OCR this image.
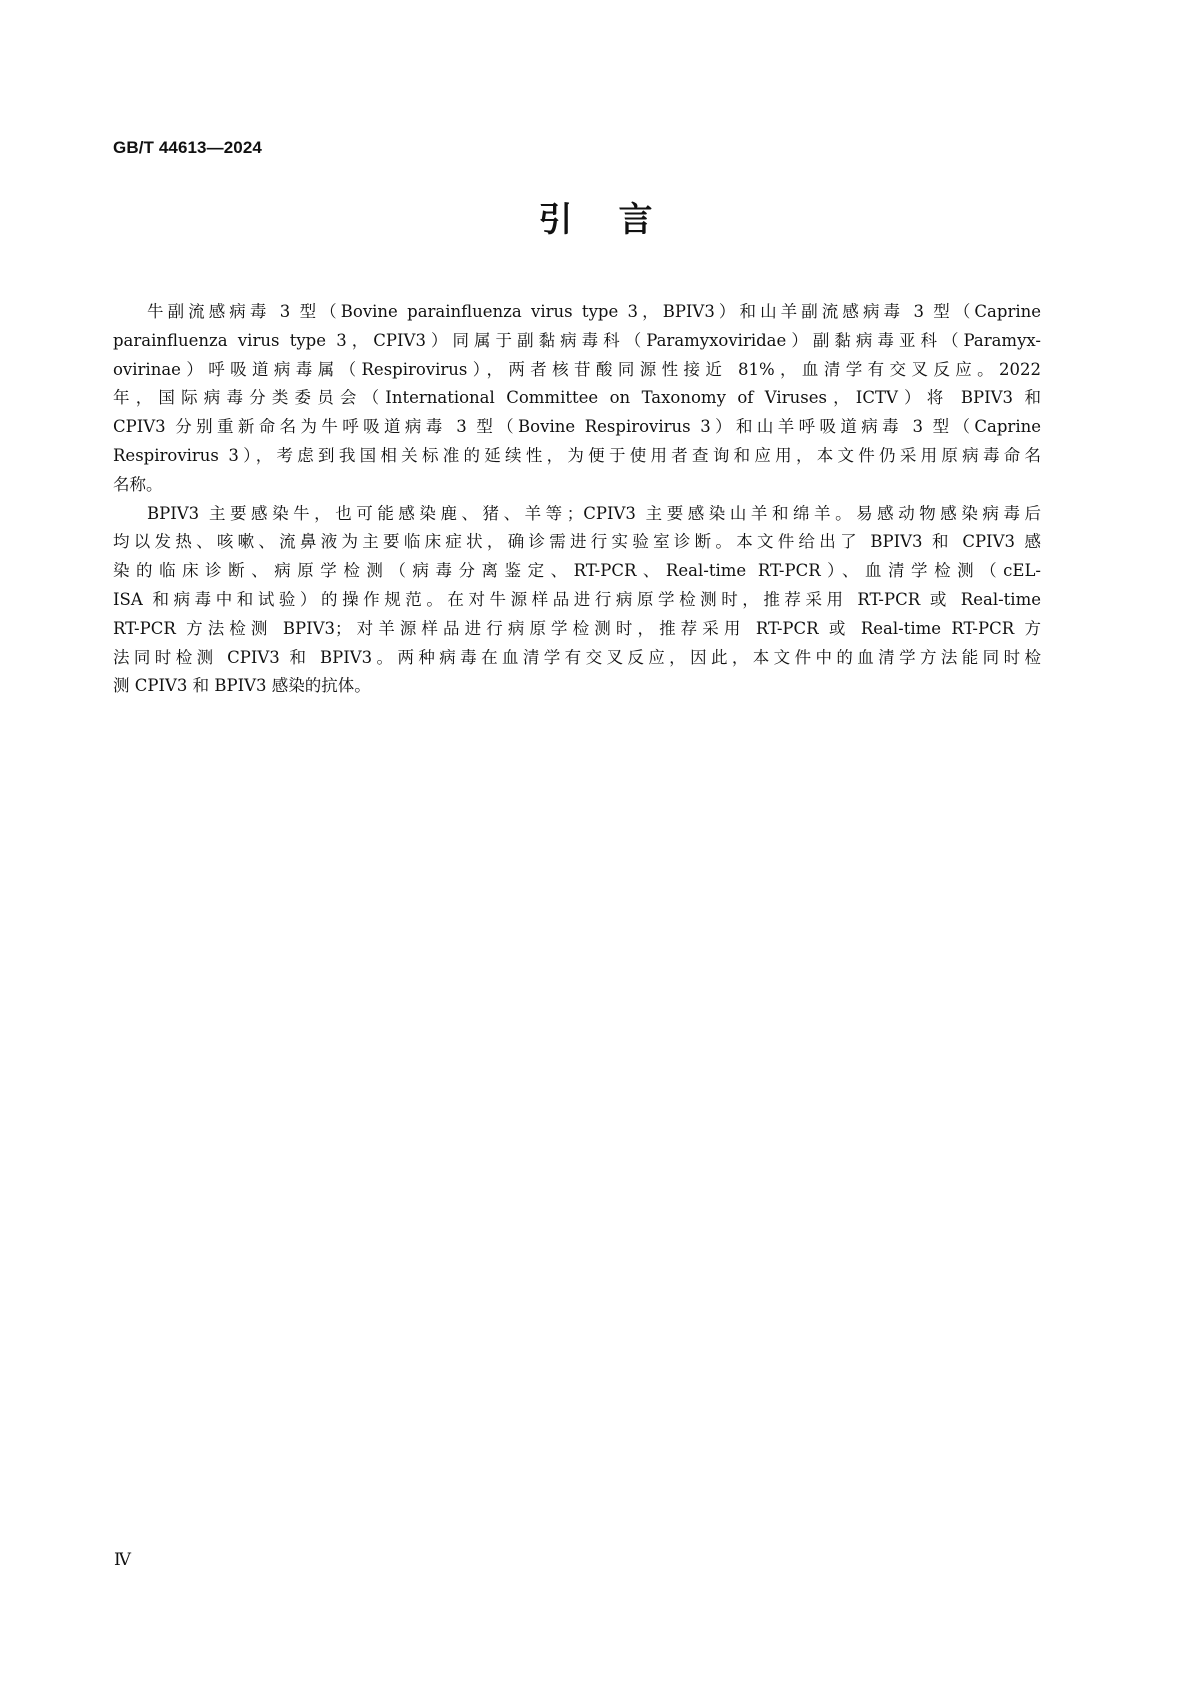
GB/T 44613—2024
引言
牛副流感病毒 3 型（Bovine parainfluenza virus type 3，BPIV3）和山羊副流感病毒 3 型（Caprine
parainfluenza virus type 3，CPIV3）同属于副黏病毒科（Paramyxoviridae）副黏病毒亚科（Paramyx-
ovirinae）呼吸道病毒属（Respirovirus），两者核苷酸同源性接近 81%，血清学有交叉反应。2022
年，国际病毒分类委员会（International Committee on Taxonomy of Viruses，ICTV）将 BPIV3 和
CPIV3 分别重新命名为牛呼吸道病毒 3 型（Bovine Respirovirus 3）和山羊呼吸道病毒 3 型（Caprine
Respirovirus 3），考虑到我国相关标准的延续性，为便于使用者查询和应用，本文件仍采用原病毒命名
名称。
BPIV3 主要感染牛，也可能感染鹿、猪、羊等；CPIV3 主要感染山羊和绵羊。易感动物感染病毒后
均以发热、咳嗽、流鼻液为主要临床症状，确诊需进行实验室诊断。本文件给出了 BPIV3 和 CPIV3 感
染的临床诊断、病原学检测（病毒分离鉴定、RT-PCR、Real-time RT-PCR）、血清学检测（cEL-
ISA 和病毒中和试验）的操作规范。在对牛源样品进行病原学检测时，推荐采用 RT-PCR 或 Real-time
RT-PCR 方法检测 BPIV3；对羊源样品进行病原学检测时，推荐采用 RT-PCR 或 Real-time RT-PCR 方
法同时检测 CPIV3 和 BPIV3。两种病毒在血清学有交叉反应，因此，本文件中的血清学方法能同时检
测 CPIV3 和 BPIV3 感染的抗体。
Ⅳ
